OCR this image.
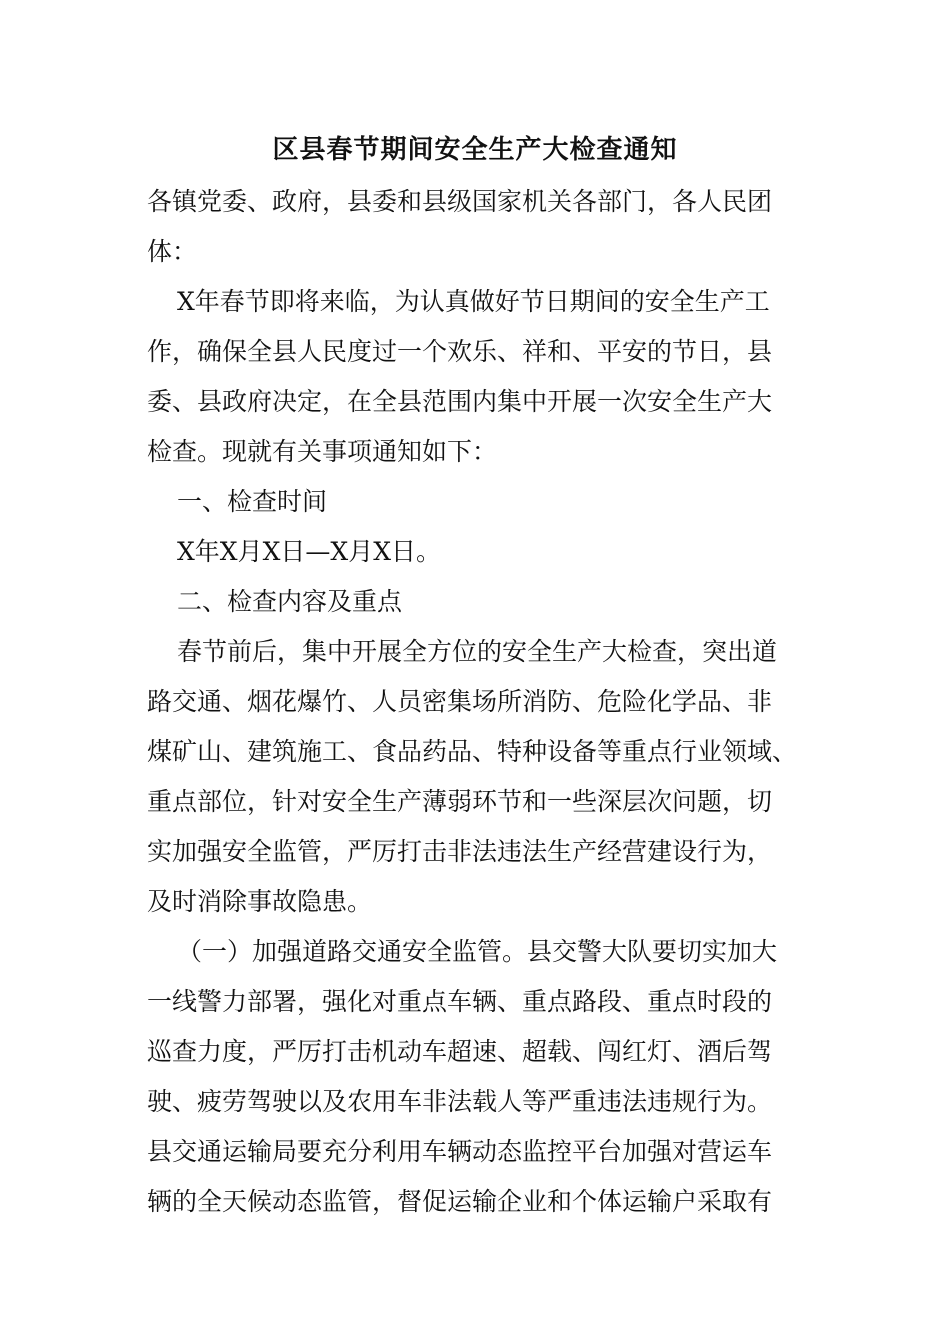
区县春节期间安全生产大检查通知
各镇党委、政府，县委和县级国家机关各部门，各人民团
体：
X年春节即将来临，为认真做好节日期间的安全生产工
作，确保全县人民度过一个欢乐、祥和、平安的节日，县
委、县政府决定，在全县范围内集中开展一次安全生产大
检查。现就有关事项通知如下：
一、检查时间
X年X月X日—X月X日。
二、检查内容及重点
春节前后，集中开展全方位的安全生产大检查，突出道
路交通、烟花爆竹、人员密集场所消防、危险化学品、非
煤矿山、建筑施工、食品药品、特种设备等重点行业领域、
重点部位，针对安全生产薄弱环节和一些深层次问题，切
实加强安全监管，严厉打击非法违法生产经营建设行为，
及时消除事故隐患。
（一）加强道路交通安全监管。县交警大队要切实加大
一线警力部署，强化对重点车辆、重点路段、重点时段的
巡查力度，严厉打击机动车超速、超载、闯红灯、酒后驾
驶、疲劳驾驶以及农用车非法载人等严重违法违规行为。
县交通运输局要充分利用车辆动态监控平台加强对营运车
辆的全天候动态监管，督促运输企业和个体运输户采取有
